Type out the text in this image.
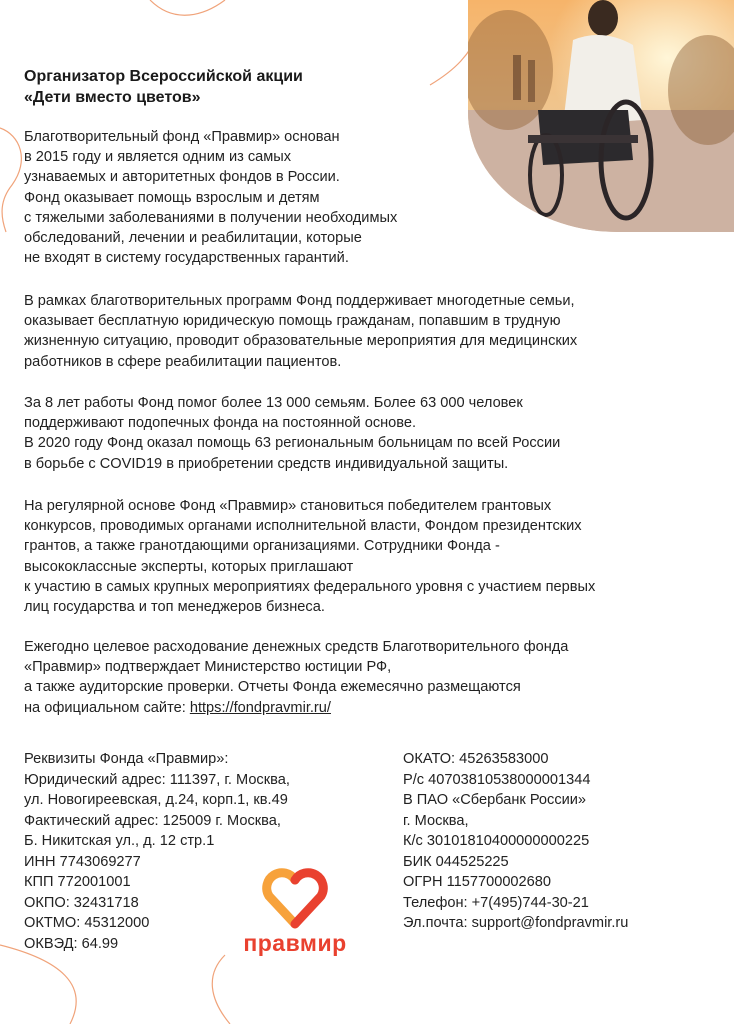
Организатор Всероссийской акции
«Дети вместо цветов»

Благотворительный фонд «Правмир» основан
в 2015 году и является одним из самых
узнаваемых и авторитетных фондов в России.
Фонд оказывает помощь взрослым и детям
с тяжелыми заболеваниями в получении необходимых
обследований, лечении и реабилитации, которые
не входят в систему государственных гарантий.

В рамках благотворительных программ Фонд поддерживает многодетные семьи,
оказывает бесплатную юридическую помощь гражданам, попавшим в трудную
жизненную ситуацию, проводит образовательные мероприятия для медицинских
работников в сфере реабилитации пациентов.

За 8 лет работы Фонд помог более 13 000 семьям. Более 63 000 человек
поддерживают подопечных фонда на постоянной основе.
В 2020 году Фонд оказал помощь 63 региональным больницам по всей России
в борьбе с COVID19 в приобретении средств индивидуальной защиты.

На регулярной основе Фонд «Правмир» становиться победителем грантовых
конкурсов, проводимых органами исполнительной власти, Фондом президентских
грантов, а также гранотдающими организациями. Сотрудники Фонда -
высококлассные эксперты, которых приглашают
к участию в самых крупных мероприятиях федерального уровня с участием первых
лиц государства и топ менеджеров бизнеса.

Ежегодно целевое расходование денежных средств Благотворительного фонда
«Правмир» подтверждает Министерство юстиции РФ,
а также аудиторские проверки. Отчеты Фонда ежемесячно размещаются
на официальном сайте: https://fondpravmir.ru/

Реквизиты Фонда «Правмир»:
Юридический адрес: 111397, г. Москва,
ул. Новогиреевская, д.24, корп.1, кв.49
Фактический адрес: 125009 г. Москва,
Б. Никитская ул., д. 12 стр.1
ИНН 7743069277
КПП 772001001
ОКПО: 32431718
ОКТМО: 45312000
ОКВЭД: 64.99

ОКАТО: 45263583000
Р/с 40703810538000001344
В ПАО «Сбербанк России»
г. Москва,
К/с 30101810400000000225
БИК 044525225
ОГРН 1157700002680
Телефон: +7(495)744-30-21
Эл.почта: support@fondpravmir.ru

правмир
